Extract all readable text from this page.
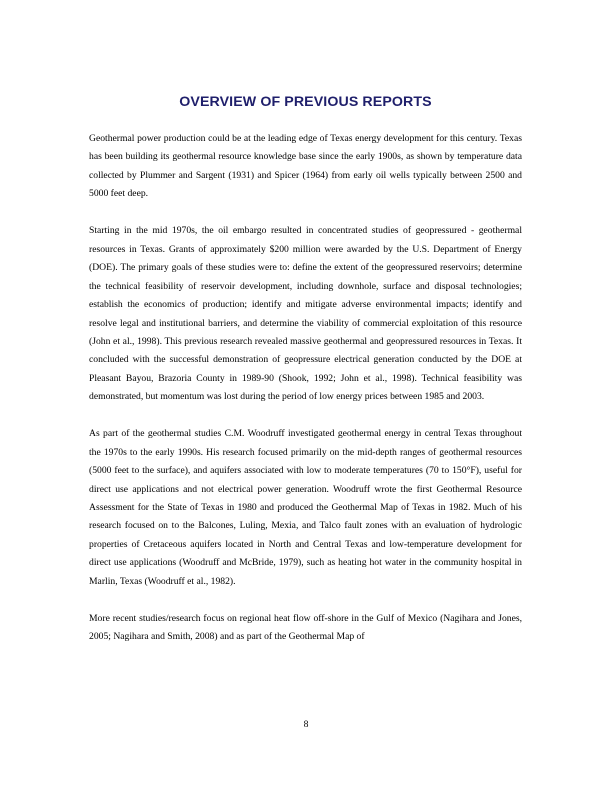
OVERVIEW OF PREVIOUS REPORTS

Geothermal power production could be at the leading edge of Texas energy development for this century. Texas has been building its geothermal resource knowledge base since the early 1900s, as shown by temperature data collected by Plummer and Sargent (1931) and Spicer (1964) from early oil wells typically between 2500 and 5000 feet deep.

Starting in the mid 1970s, the oil embargo resulted in concentrated studies of geopressured - geothermal resources in Texas. Grants of approximately $200 million were awarded by the U.S. Department of Energy (DOE). The primary goals of these studies were to: define the extent of the geopressured reservoirs; determine the technical feasibility of reservoir development, including downhole, surface and disposal technologies; establish the economics of production; identify and mitigate adverse environmental impacts; identify and resolve legal and institutional barriers, and determine the viability of commercial exploitation of this resource (John et al., 1998). This previous research revealed massive geothermal and geopressured resources in Texas. It concluded with the successful demonstration of geopressure electrical generation conducted by the DOE at Pleasant Bayou, Brazoria County in 1989-90 (Shook, 1992; John et al., 1998). Technical feasibility was demonstrated, but momentum was lost during the period of low energy prices between 1985 and 2003.

As part of the geothermal studies C.M. Woodruff investigated geothermal energy in central Texas throughout the 1970s to the early 1990s. His research focused primarily on the mid-depth ranges of geothermal resources (5000 feet to the surface), and aquifers associated with low to moderate temperatures (70 to 150°F), useful for direct use applications and not electrical power generation. Woodruff wrote the first Geothermal Resource Assessment for the State of Texas in 1980 and produced the Geothermal Map of Texas in 1982. Much of his research focused on to the Balcones, Luling, Mexia, and Talco fault zones with an evaluation of hydrologic properties of Cretaceous aquifers located in North and Central Texas and low-temperature development for direct use applications (Woodruff and McBride, 1979), such as heating hot water in the community hospital in Marlin, Texas (Woodruff et al., 1982).

More recent studies/research focus on regional heat flow off-shore in the Gulf of Mexico (Nagihara and Jones, 2005; Nagihara and Smith, 2008) and as part of the Geothermal Map of

8
